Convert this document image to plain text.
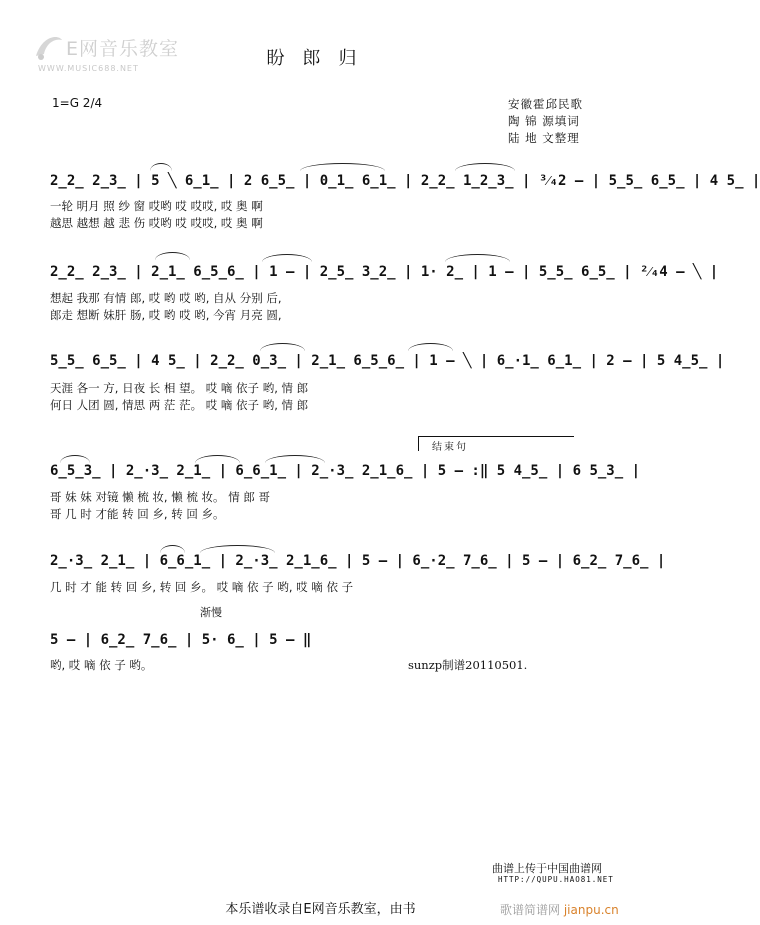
E网音乐教室
WWW.MUSIC688.NET	盼郎归
1=G 2/4	安徽霍邱民歌
陶 锦 源填词
陆 地 文整理
2̲2̲ 2̲3̲ | 5 ╲ 6̲1̲ | 2 6̲5̲ | 0̲1̲ 6̲1̲ | 2̲2̲ 1̲2̲3̲ | ³⁄₄2 – | 5̲5̲ 6̲5̲ | 4 5̲ |
一轮 明月 照 纱 窗 哎哟 哎 哎哎, 哎 奥 啊
越思 越想 越 悲 伤 哎哟 哎 哎哎, 哎 奥 啊
2̲2̲ 2̲3̲ | 2̲1̲ 6̲5̲6̲ | 1 – | 2̲5̲ 3̲2̲ | 1· 2̲ | 1 – | 5̲5̲ 6̲5̲ | ²⁄₄4 – ╲ |
想起 我那 有情 郎, 哎 哟 哎 哟, 自从 分别 后,
郎走 想断 妹肝 肠, 哎 哟 哎 哟, 今宵 月亮 圆,
5̲5̲ 6̲5̲ | 4 5̲ | 2̲2̲ 0̲3̲ | 2̲1̲ 6̲5̲6̲ | 1 – ╲ | 6̲·1̲ 6̲1̲ | 2 – | 5 4̲5̲ |
天涯 各一 方, 日夜 长 相 望。 哎 嘀 依子 哟, 情 郎
何日 人团 圆, 情思 两 茫 茫。 哎 嘀 依子 哟, 情 郎
结束句
6̲5̲3̲ | 2̲·3̲ 2̲1̲ | 6̲6̲1̲ | 2̲·3̲ 2̲1̲6̲ | 5 – :‖ 5 4̲5̲ | 6 5̲3̲ |
哥 妹 妹 对镜 懒 梳 妆, 懒 梳 妆。 情 郎 哥
哥 几 时 才能 转 回 乡, 转 回 乡。
2̲·3̲ 2̲1̲ | 6̲6̲1̲ | 2̲·3̲ 2̲1̲6̲ | 5 – | 6̲·2̲ 7̲6̲ | 5 – | 6̲2̲ 7̲6̲ |
几 时 才 能 转 回 乡, 转 回 乡。 哎 嘀 依 子 哟, 哎 嘀 依 子
渐慢
5 – | 6̲2̲ 7̲6̲ | 5· 6̲ | 5 – ‖
哟, 哎 嘀 依 子 哟。	sunzp制谱20110501.
曲谱上传于中国曲谱网
HTTP://QUPU.HAO81.NET
本乐谱收录自E网音乐教室，由书	歌谱简谱网 jianpu.cn
